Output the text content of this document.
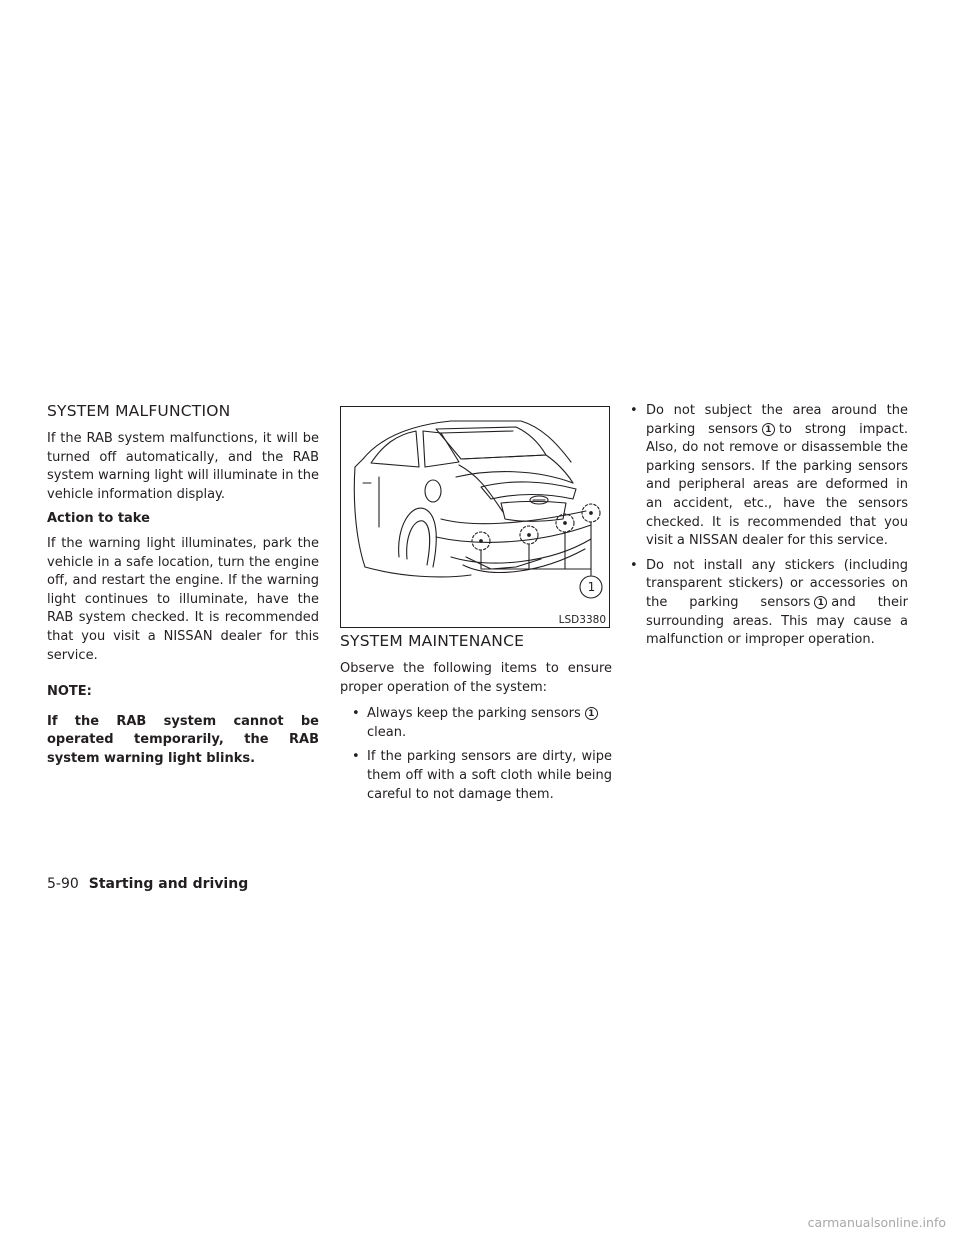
SYSTEM MALFUNCTION

If the RAB system malfunctions, it will be turned off automatically, and the RAB system warning light will illuminate in the vehicle information display.

Action to take

If the warning light illuminates, park the vehicle in a safe location, turn the engine off, and restart the engine. If the warning light continues to illuminate, have the RAB system checked. It is recommended that you visit a NISSAN dealer for this service.

NOTE:

If the RAB system cannot be operated temporarily, the RAB system warning light blinks.

1
LSD3380
SYSTEM MAINTENANCE

Observe the following items to ensure proper operation of the system:

• Always keep the parking sensors 1
clean.
• If the parking sensors are dirty, wipe them off with a soft cloth while being careful to not damage them.
• Do not subject the area around the parking sensors 1 to strong impact. Also, do not remove or disassemble the parking sensors. If the parking sensors and peripheral areas are deformed in an accident, etc., have the sensors checked. It is recommended that you visit a NISSAN dealer for this service.
• Do not install any stickers (including transparent stickers) or accessories on the parking sensors 1 and their surrounding areas. This may cause a malfunction or improper operation.
5-90 Starting and driving
carmanualsonline.info
